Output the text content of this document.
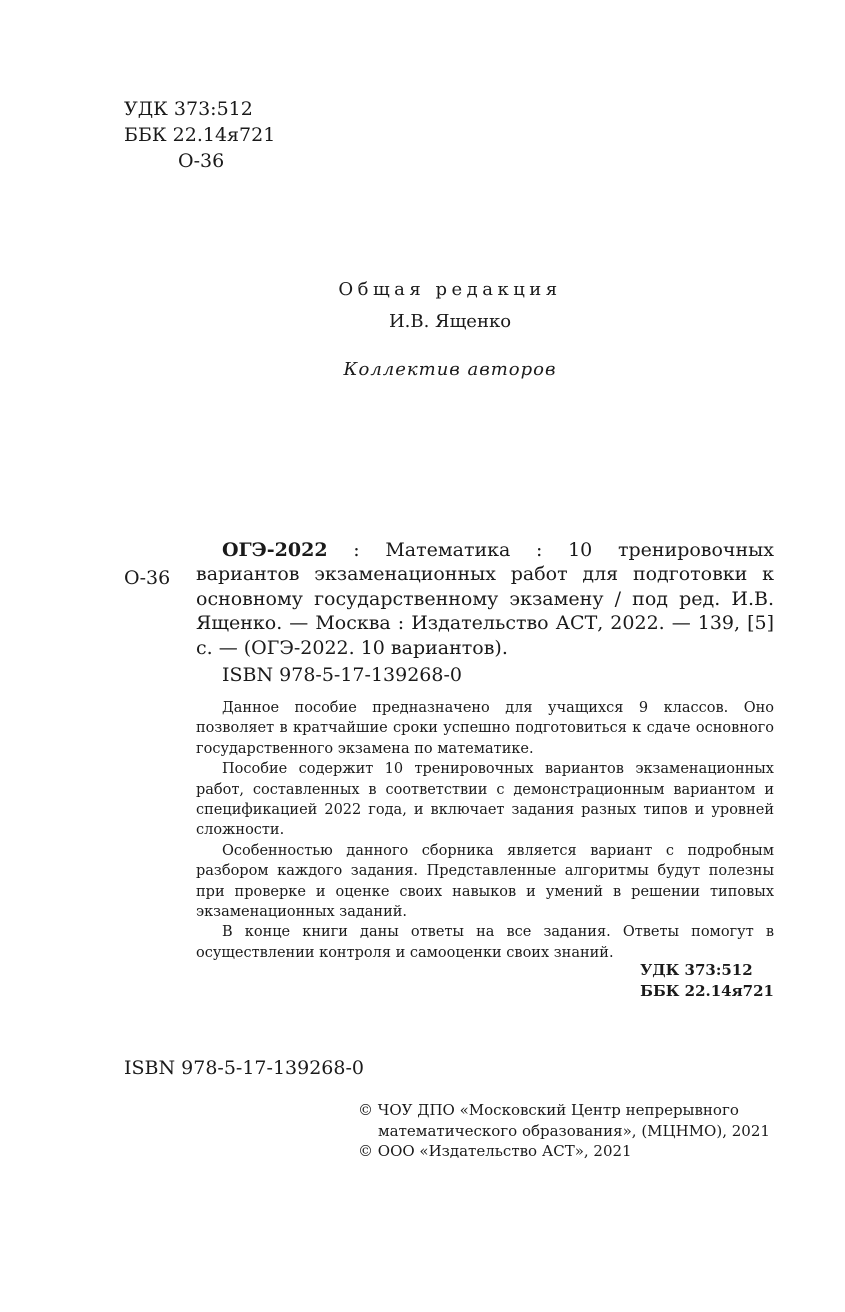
УДК 373:512
ББК 22.14я721
О-36
Общая редакция
И.В. Ященко
Коллектив авторов
О-36
ОГЭ-2022 : Математика : 10 тренировочных вариантов экзаменационных работ для подготовки к основному государственному экзамену / под ред. И.В. Ященко. — Москва : Издательство АСТ, 2022. — 139, [5] с. — (ОГЭ-2022. 10 вариантов).
ISBN 978-5-17-139268-0

Данное пособие предназначено для учащихся 9 классов. Оно позволяет в кратчайшие сроки успешно подготовиться к сдаче основного государственного экзамена по математике.

Пособие содержит 10 тренировочных вариантов экзаменационных работ, составленных в соответствии с демонстрационным вариантом и спецификацией 2022 года, и включает задания разных типов и уровней сложности.

Особенностью данного сборника является вариант с подробным разбором каждого задания. Представленные алгоритмы будут полезны при проверке и оценке своих навыков и умений в решении типовых экзаменационных заданий.

В конце книги даны ответы на все задания. Ответы помогут в осуществлении контроля и самооценки своих знаний.

УДК 373:512
ББК 22.14я721
ISBN 978-5-17-139268-0
© ЧОУ ДПО «Московский Центр непрерывного
математического образования», (МЦНМО), 2021
© ООО «Издательство АСТ», 2021
